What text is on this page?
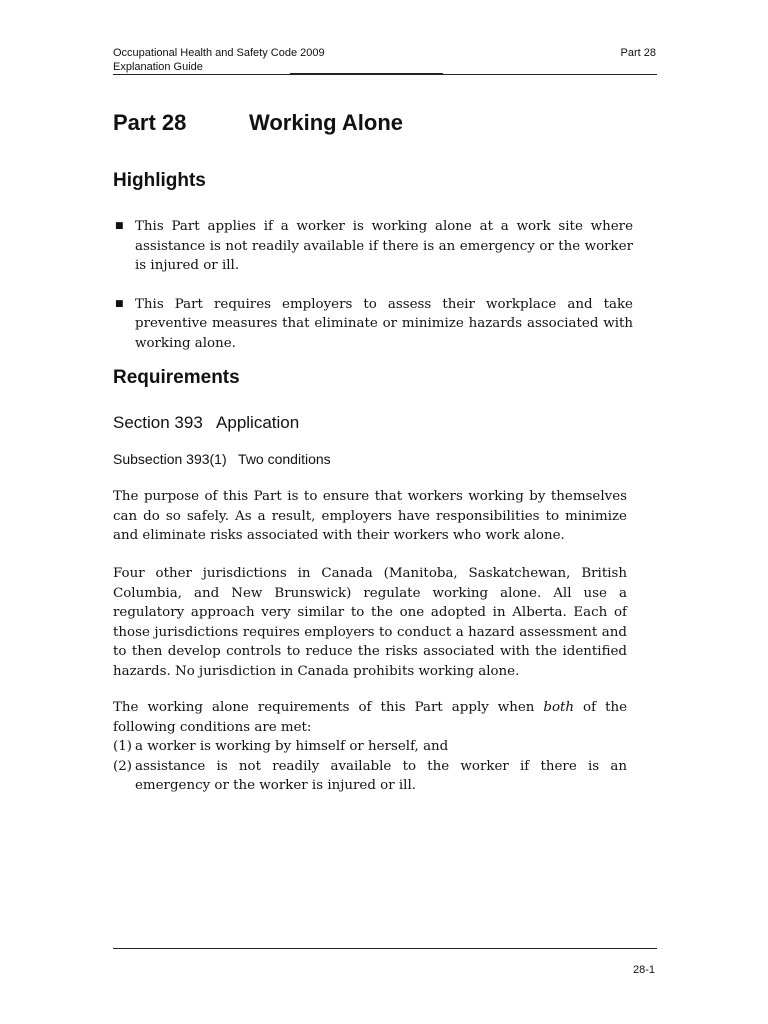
Occupational Health and Safety Code 2009
Explanation Guide
Part 28
Part 28	Working Alone
Highlights
■ This Part applies if a worker is working alone at a work site where assistance is not readily available if there is an emergency or the worker is injured or ill.
■ This Part requires employers to assess their workplace and take preventive measures that eliminate or minimize hazards associated with working alone.
Requirements
Section 393   Application
Subsection 393(1)   Two conditions

The purpose of this Part is to ensure that workers working by themselves can do so safely. As a result, employers have responsibilities to minimize and eliminate risks associated with their workers who work alone.

Four other jurisdictions in Canada (Manitoba, Saskatchewan, British Columbia, and New Brunswick) regulate working alone. All use a regulatory approach very similar to the one adopted in Alberta. Each of those jurisdictions requires employers to conduct a hazard assessment and to then develop controls to reduce the risks associated with the identified hazards. No jurisdiction in Canada prohibits working alone.

The working alone requirements of this Part apply when both of the following conditions are met:
(1) a worker is working by himself or herself, and
(2) assistance is not readily available to the worker if there is an emergency or the worker is injured or ill.
28-1
